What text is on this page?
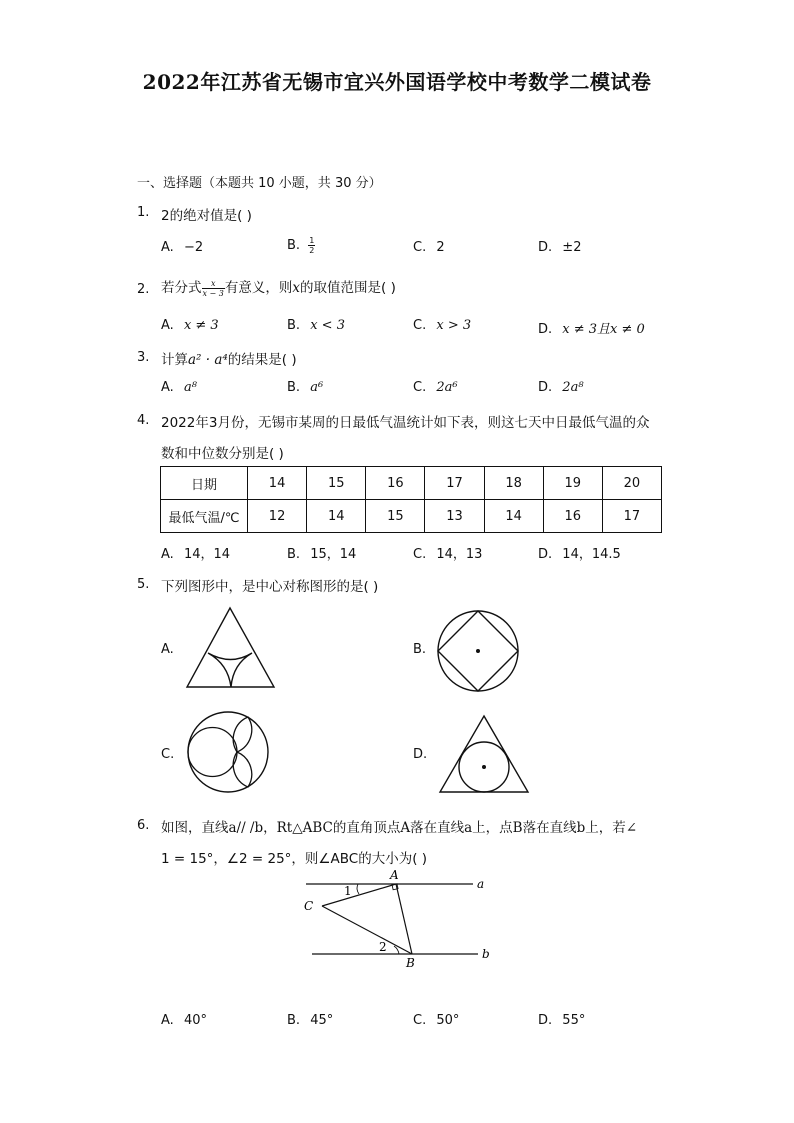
2022年江苏省无锡市宜兴外国语学校中考数学二模试卷
一、选择题（本题共 10 小题，共 30 分）
1. 2的绝对值是( )
A. −2	B. $\frac{1}{2}$	C. 2	D. ±2
2. 若分式 $\frac{x}{x - 3}$ 有意义，则x的取值范围是( )
A. x ≠ 3	B. x < 3	C. x > 3	D. x ≠ 3且x ≠ 0
3. 计算a² · a⁴的结果是( )
A. a⁸	B. a⁶	C. 2a⁶	D. 2a⁸
4. 2022年3月份，无锡市某周的日最低气温统计如下表，则这七天中日最低气温的众
数和中位数分别是( )
日期	14	15	16	17	18	19	20
最低气温/℃	12	14	15	13	14	16	17
A. 14，14	B. 15，14	C. 14，13	D. 14，14.5
5. 下列图形中，是中心对称图形的是( )
A.	B.
C.	D.
6. 如图，直线a// /b，Rt△ABC的直角顶点A落在直线a上，点B落在直线b上，若∠
1 = 15°，∠2 = 25°，则∠ABC的大小为( )
A
B
C
a
b
1
2
A. 40°	B. 45°	C. 50°	D. 55°
